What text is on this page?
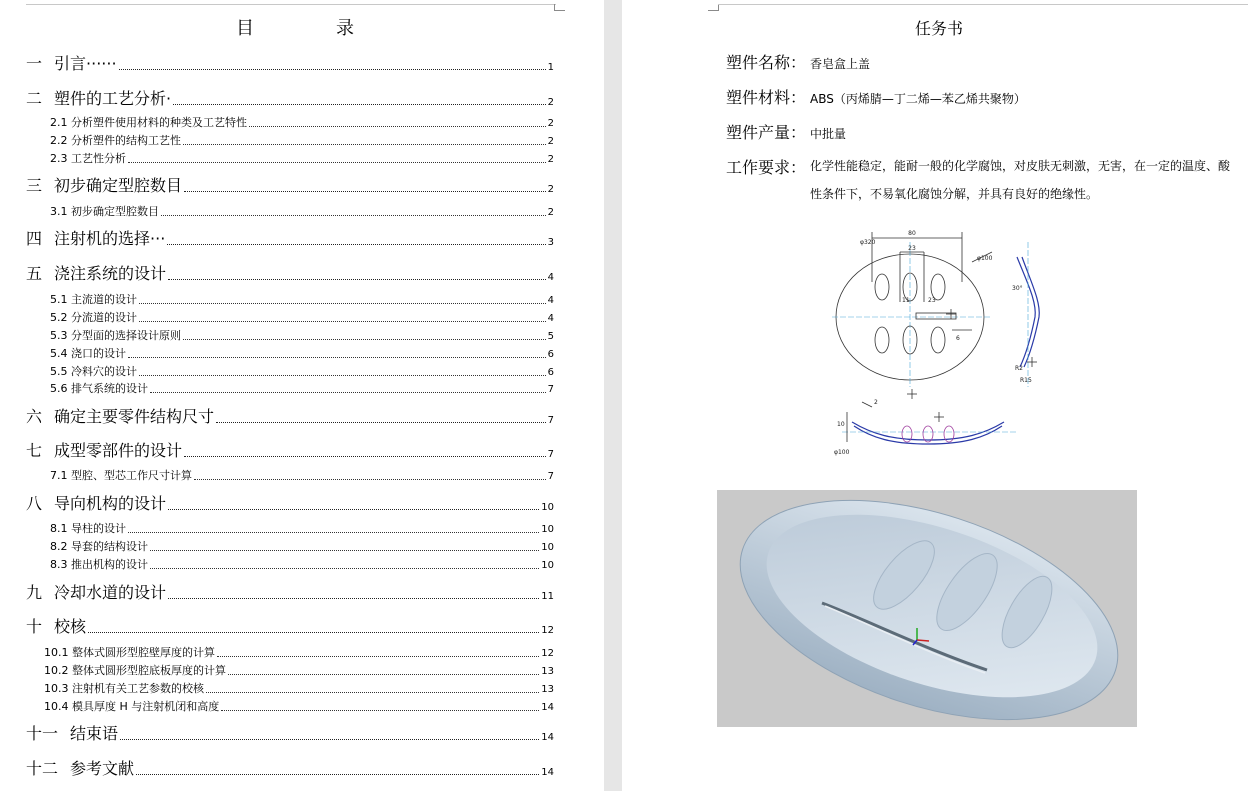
目	录
一 引言······	1
二 塑件的工艺分析·	2
2.1 分析塑件使用材料的种类及工艺特性	2
2.2 分析塑件的结构工艺性	2
2.3 工艺性分析	2
三 初步确定型腔数目	2
3.1 初步确定型腔数目	2
四 注射机的选择···	3
五 浇注系统的设计	4
5.1 主流道的设计	4
5.2 分流道的设计	4
5.3 分型面的选择设计原则	5
5.4 浇口的设计	6
5.5 冷料穴的设计	6
5.6 排气系统的设计	7
六 确定主要零件结构尺寸	7
七 成型零部件的设计	7
7.1 型腔、型芯工作尺寸计算	7
八 导向机构的设计	10
8.1 导柱的设计	10
8.2 导套的结构设计	10
8.3 推出机构的设计	10
九 冷却水道的设计	11
十 校核	12
10.1 整体式圆形型腔壁厚度的计算	12
10.2 整体式圆形型腔底板厚度的计算	13
10.3 注射机有关工艺参数的校核	13
10.4 模具厚度 H 与注射机闭和高度	14
十一 结束语	14
十二 参考文献	14
任务书
塑件名称： 香皂盒上盖
塑件材料： ABS（丙烯腈—丁二烯—苯乙烯共聚物）
塑件产量： 中批量
工作要求： 化学性能稳定，能耐一般的化学腐蚀，对皮肤无刺激，无害，在一定的温度、酸性条件下，不易氧化腐蚀分解，并具有良好的绝缘性。
80
φ320
23
φ100
30°
R2
R15
2
φ100
11	23
6
10
